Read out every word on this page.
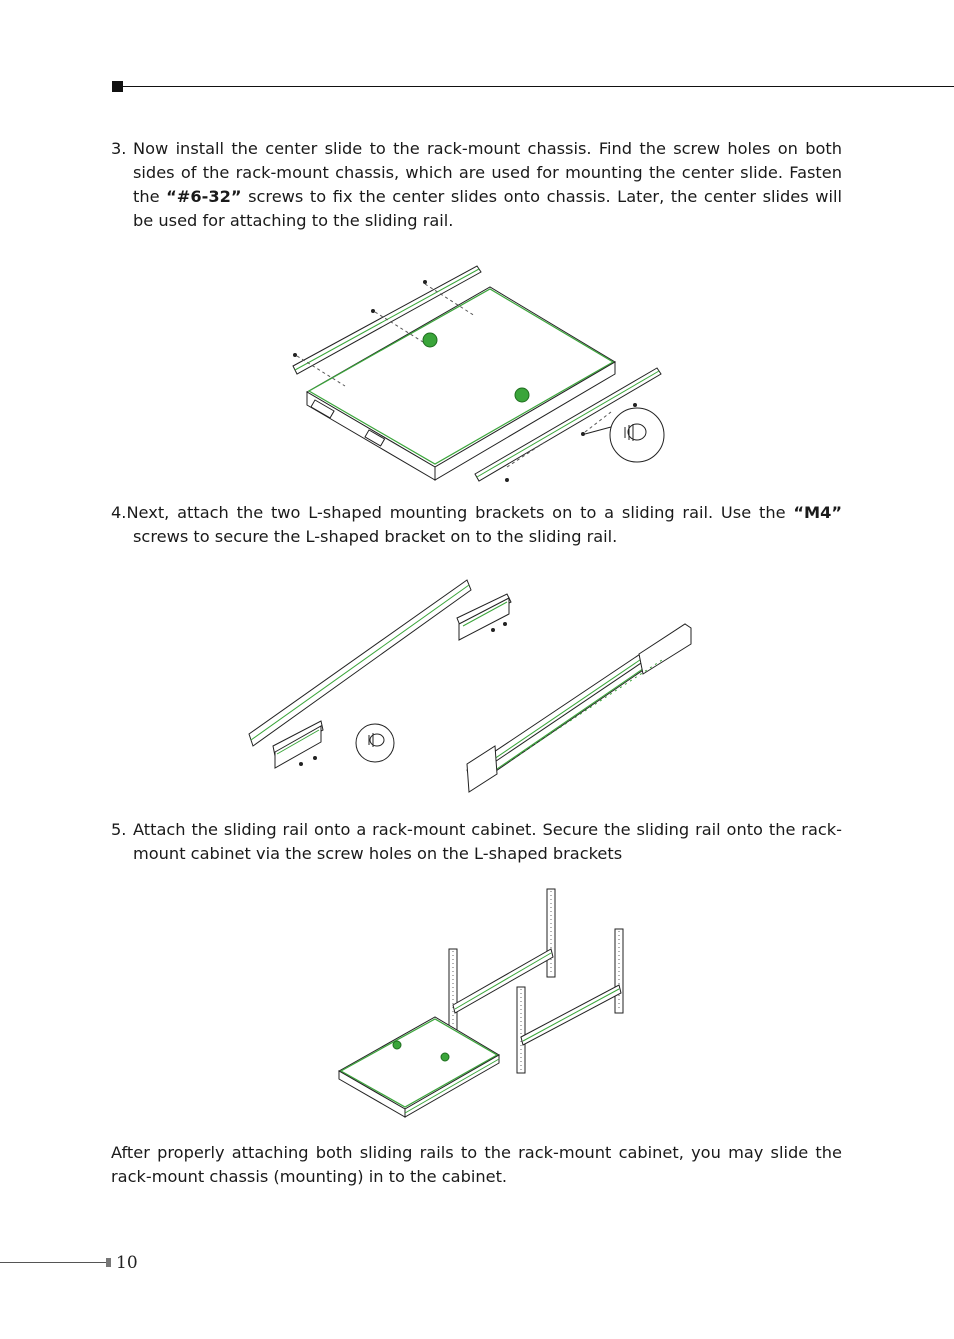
3. Now install the center slide to the rack-mount chassis. Find the screw holes on both sides of the rack-mount chassis, which are used for mounting the center slide. Fasten the “#6-32” screws to fix the center slides onto chassis. Later, the center slides will be used for attaching to the sliding rail.
4.Next, attach the two L-shaped mounting brackets on to a sliding rail. Use the “M4” screws to secure the L-shaped bracket on to the sliding rail.
5. Attach the sliding rail onto a rack-mount cabinet. Secure the sliding rail onto the rack-mount cabinet via the screw holes on the L-shaped brackets
After properly attaching both sliding rails to the rack-mount cabinet, you may slide the rack-mount chassis (mounting) in to the cabinet.
10
